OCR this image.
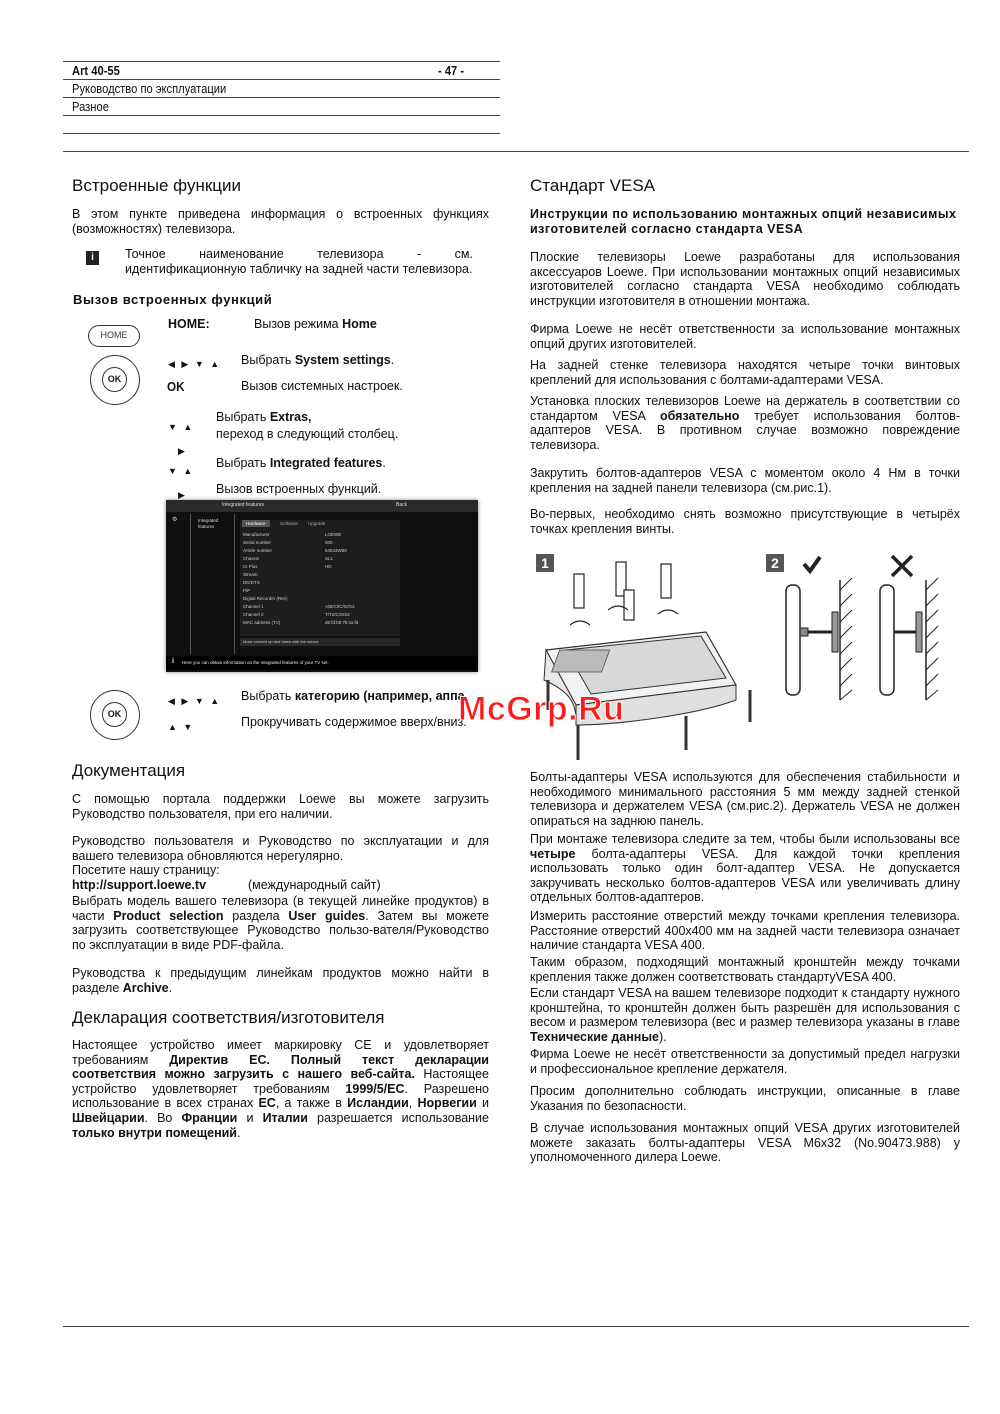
Art 40-55	- 47 -
Руководство по эксплуатации
Разное
Встроенные функции
В этом пункте приведена информация о встроенных функциях (возможностях) телевизора.
i	Точное наименование телевизора - см. идентификационную табличку на задней части телевизора.
Вызов встроенных функций
HOME
HOME:	Вызов режима Home
OK
◀ ▶ ▼ ▲ Выбрать System settings.
OK	Вызов системных настроек.
▼ ▲
Выбрать Extras,
переход в следующий столбец.
▶
▼ ▲
Выбрать Integrated features.
▶ Вызов встроенных функций.
Integrated features	Back
⚙	Integrated features
Hardware	Software	Upgrade
Manufacturer	LOEWE
Serial number	000
Article number	54643W58
Chassis	SL1
CI Plus	HD
Stream
DD/DTS
PiP
Digital Recorder (Rec)
Channel 1	A/B/CI/C/G/G2
Channel 2	T/T2/C/S/S2
MAC address (TV)	d6:fd:b0:7b:xx:fd
Move content up and down with the cursor.
i Here you can obtain information on the integrated features of your TV set.
OK
◀ ▶ ▼ ▲ Выбрать категорию (например, аппа
▲ ▼	Прокручивать содержимое вверх/вниз.
Документация
С помощью портала поддержки Loewe вы можете загрузить Руководство пользователя, при его наличии.
Руководство пользователя и Руководство по эксплуатации и для вашего телевизора обновляются нерегулярно.
Посетите нашу страницу:
http://support.loewe.tv	(международный сайт)
Выбрать модель вашего телевизора (в текущей линейке продуктов) в части Product selection раздела User guides. Затем вы можете загрузить соответствующее Руководство пользо-вателя/Руководство по эксплуатации в виде PDF-файла.
Руководства к предыдущим линейкам продуктов можно найти в разделе Archive.
Декларация соответствия/изготовителя
Настоящее устройство имеет маркировку CE и удовлетворяет требованиям Директив ЕС. Полный текст декларации соответствия можно загрузить с нашего веб-сайта. Настоящее устройство удовлетворяет требованиям 1999/5/EC. Разрешено использование в всех странах ЕС, а также в Исландии, Норвегии и Швейцарии. Во Франции и Италии разрешается использование только внутри помещений.
Стандарт VESA
Инструкции по использованию монтажных опций независимых изготовителей согласно стандарта VESA
Плоские телевизоры Loewe разработаны для использования аксессуаров Loewe. При использовании монтажных опций независимых изготовителей согласно стандарта VESA необходимо соблюдать инструкции изготовителя в отношении монтажа.
Фирма Loewe не несёт ответственности за использование монтажных опций других изготовителей.
На задней стенке телевизора находятся четыре точки винтовых креплений для использования с болтами-адаптерами VESA.
Установка плоских телевизоров Loewe на держатель в соответствии со стандартом VESA обязательно требует использования болтов-адаптеров VESA. В противном случае возможно повреждение телевизора.
Закрутить болтов-адаптеров VESA с моментом около 4 Нм в точки крепления на задней панели телевизора (см.рис.1).
Во-первых, необходимо снять возможно присутствующие в четырёх точках крепления винты.
1	2
Болты-адаптеры VESA используются для обеспечения стабильности и необходимого минимального расстояния 5 мм между задней стенкой телевизора и держателем VESA (см.рис.2). Держатель VESA не должен опираться на заднюю панель.
При монтаже телевизора следите за тем, чтобы были использованы все четыре болта-адаптеры VESA. Для каждой точки крепления использовать только один болт-адаптер VESA. Не допускается закручивать несколько болтов-адаптеров VESA или увеличивать длину отдельных болтов-адаптеров.
Измерить расстояние отверстий между точками крепления телевизора. Расстояние отверстий 400x400 мм на задней части телевизора означает наличие стандарта VESA 400.
Таким образом, подходящий монтажный кронштейн между точками крепления также должен соответствовать стандартуVESA 400.
Если стандарт VESA на вашем телевизоре подходит к стандарту нужного кронштейна, то кронштейн должен быть разрешён для использования с весом и размером телевизора (вес и размер телевизора указаны в главе Технические данные).
Фирма Loewe не несёт ответственности за допустимый предел нагрузки и профессиональное крепление держателя.
Просим дополнительно соблюдать инструкции, описанные в главе Указания по безопасности.
В случае использования монтажных опций VESA других изготовителей можете заказать болты-адаптеры VESA M6x32 (No.90473.988) у уполномоченного дилера Loewe.
McGrp.Ru
